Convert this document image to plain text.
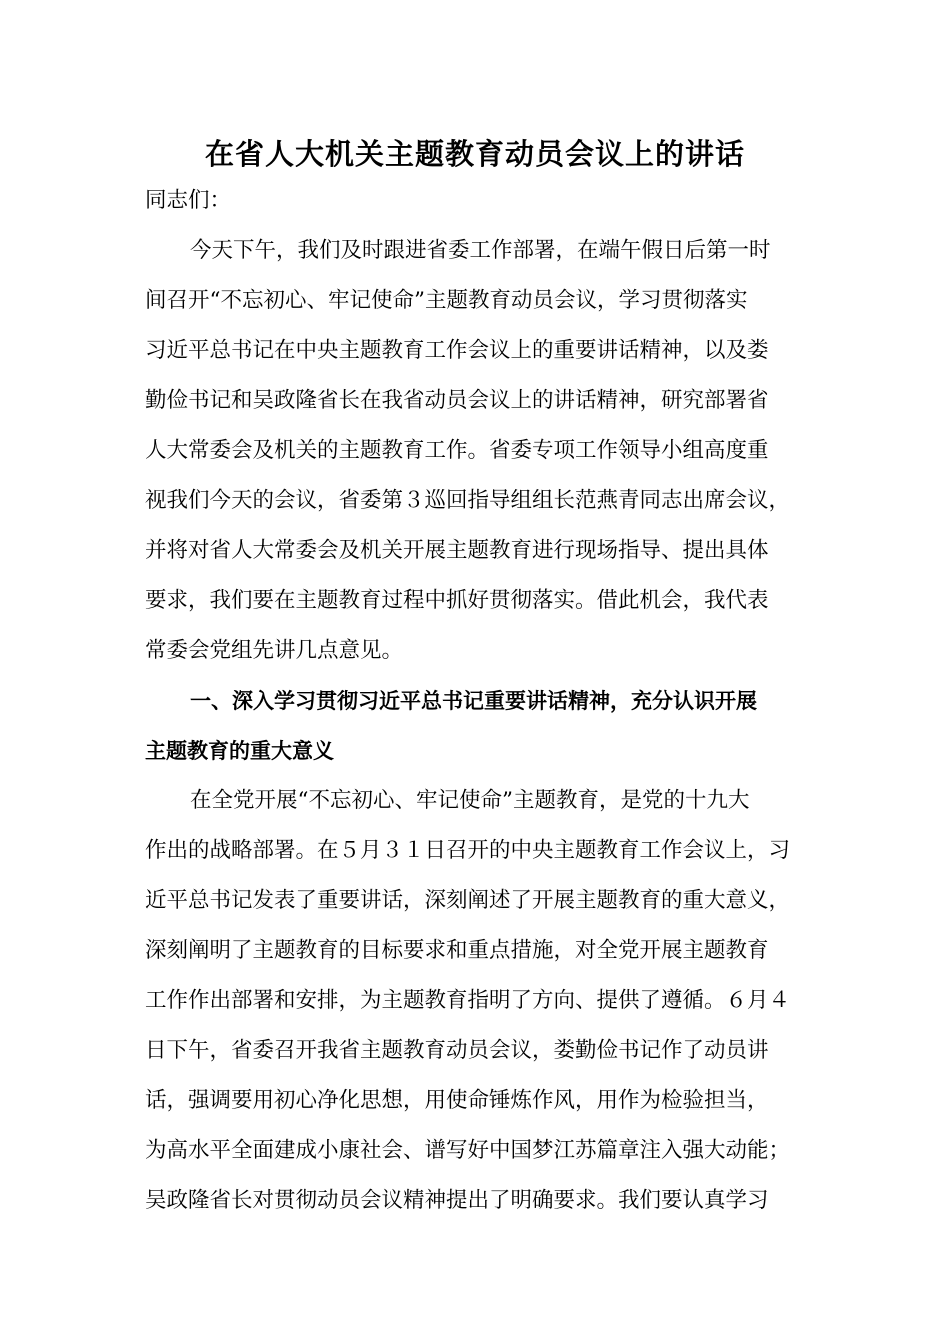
在省人大机关主题教育动员会议上的讲话
同志们：
今天下午，我们及时跟进省委工作部署，在端午假日后第一时
间召开“不忘初心、牢记使命”主题教育动员会议，学习贯彻落实
习近平总书记在中央主题教育工作会议上的重要讲话精神，以及娄
勤俭书记和吴政隆省长在我省动员会议上的讲话精神，研究部署省
人大常委会及机关的主题教育工作。省委专项工作领导小组高度重
视我们今天的会议，省委第３巡回指导组组长范燕青同志出席会议，
并将对省人大常委会及机关开展主题教育进行现场指导、提出具体
要求，我们要在主题教育过程中抓好贯彻落实。借此机会，我代表
常委会党组先讲几点意见。
一、深入学习贯彻习近平总书记重要讲话精神，充分认识开展
主题教育的重大意义
在全党开展“不忘初心、牢记使命”主题教育，是党的十九大
作出的战略部署。在５月３１日召开的中央主题教育工作会议上，习
近平总书记发表了重要讲话，深刻阐述了开展主题教育的重大意义，
深刻阐明了主题教育的目标要求和重点措施，对全党开展主题教育
工作作出部署和安排，为主题教育指明了方向、提供了遵循。６月４
日下午，省委召开我省主题教育动员会议，娄勤俭书记作了动员讲
话，强调要用初心净化思想，用使命锤炼作风，用作为检验担当，
为高水平全面建成小康社会、谱写好中国梦江苏篇章注入强大动能；
吴政隆省长对贯彻动员会议精神提出了明确要求。我们要认真学习
